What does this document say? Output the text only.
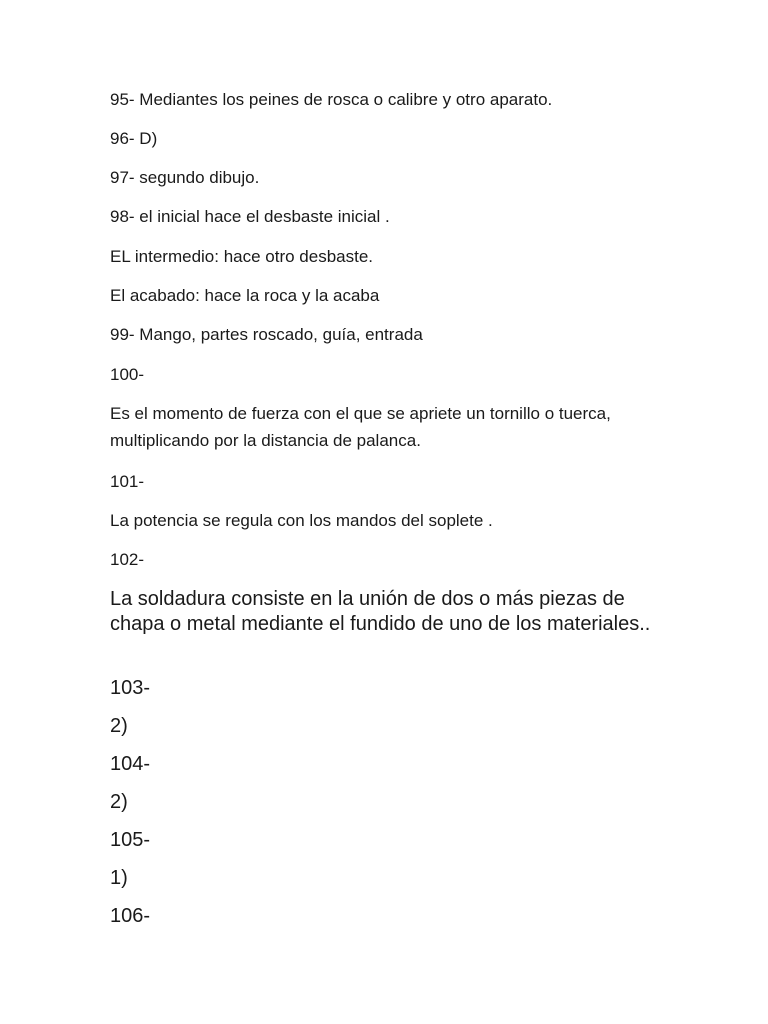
95- Mediantes los peines de rosca o calibre y otro aparato.

96- D)

97- segundo dibujo.

98- el inicial hace el desbaste inicial .

EL intermedio: hace otro desbaste.

El acabado: hace la roca y la acaba

99- Mango, partes roscado, guía, entrada

100-

Es el momento de fuerza con el que se apriete un tornillo o tuerca, multiplicando por la distancia de palanca.

101-

La potencia se regula con los mandos del soplete .

102-

La soldadura consiste en la unión de dos o más piezas de chapa o metal mediante el fundido de uno de los materiales..

103-

2)

104-

2)

105-

1)

106-
